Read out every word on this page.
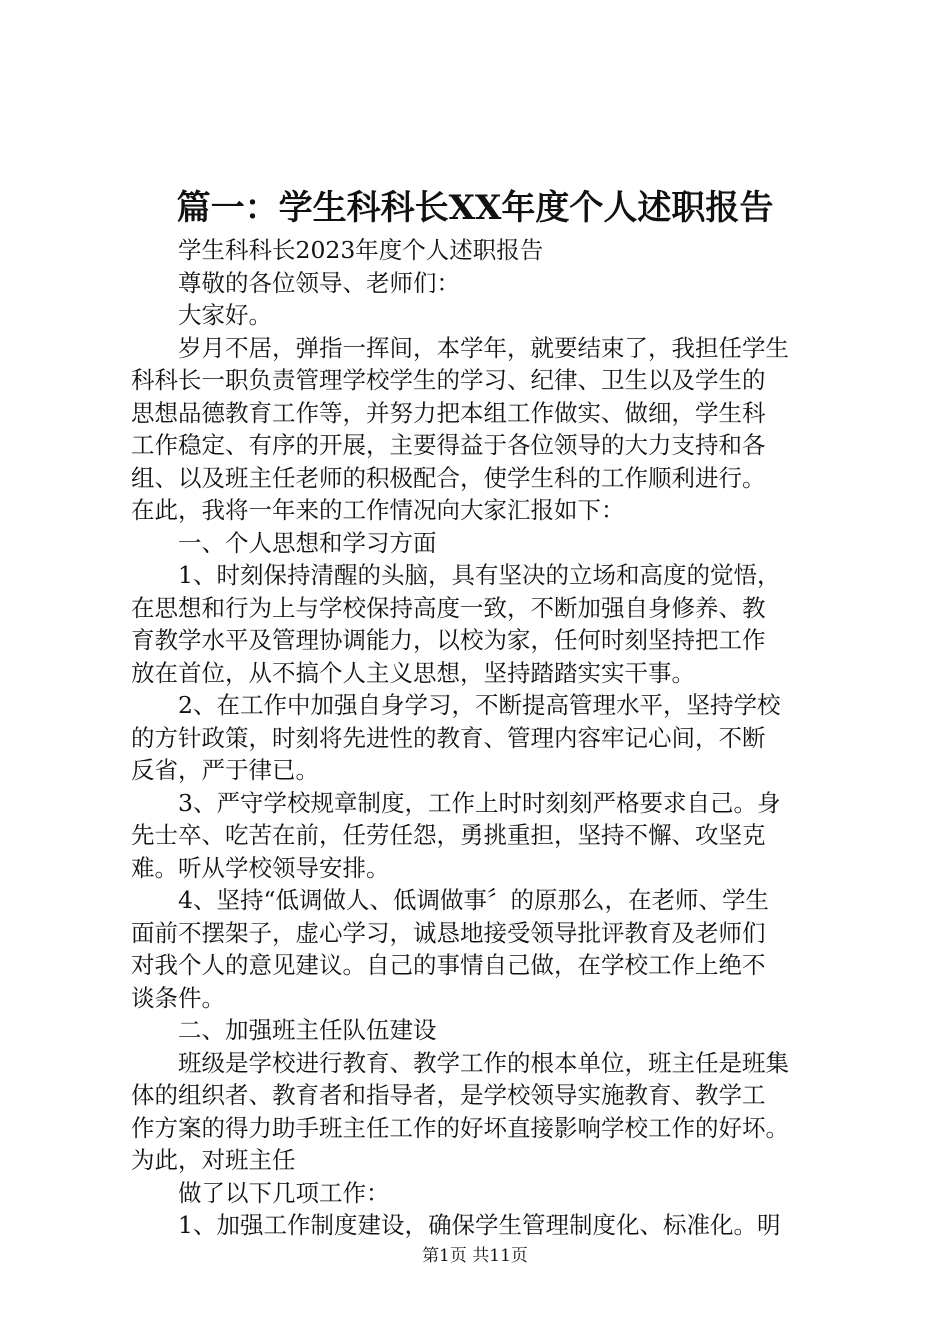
篇一：学生科科长XX年度个人述职报告
学生科科长2023年度个人述职报告
尊敬的各位领导、老师们：
大家好。
岁月不居，弹指一挥间，本学年，就要结束了，我担任学生
科科长一职负责管理学校学生的学习、纪律、卫生以及学生的
思想品德教育工作等，并努力把本组工作做实、做细，学生科
工作稳定、有序的开展，主要得益于各位领导的大力支持和各
组、以及班主任老师的积极配合，使学生科的工作顺利进行。
在此，我将一年来的工作情况向大家汇报如下：
一、个人思想和学习方面
1、时刻保持清醒的头脑，具有坚决的立场和高度的觉悟，
在思想和行为上与学校保持高度一致，不断加强自身修养、教
育教学水平及管理协调能力，以校为家，任何时刻坚持把工作
放在首位，从不搞个人主义思想，坚持踏踏实实干事。
2、在工作中加强自身学习，不断提高管理水平，坚持学校
的方针政策，时刻将先进性的教育、管理内容牢记心间，不断
反省，严于律已。
3、严守学校规章制度，工作上时时刻刻严格要求自己。身
先士卒、吃苦在前，任劳任怨，勇挑重担，坚持不懈、攻坚克
难。听从学校领导安排。
4、坚持“低调做人、低调做事〞的原那么，在老师、学生
面前不摆架子，虚心学习，诚恳地接受领导批评教育及老师们
对我个人的意见建议。自己的事情自己做，在学校工作上绝不
谈条件。
二、加强班主任队伍建设
班级是学校进行教育、教学工作的根本单位，班主任是班集
体的组织者、教育者和指导者，是学校领导实施教育、教学工
作方案的得力助手班主任工作的好坏直接影响学校工作的好坏。
为此，对班主任
做了以下几项工作：
1、加强工作制度建设，确保学生管理制度化、标准化。明
第1页 共11页
